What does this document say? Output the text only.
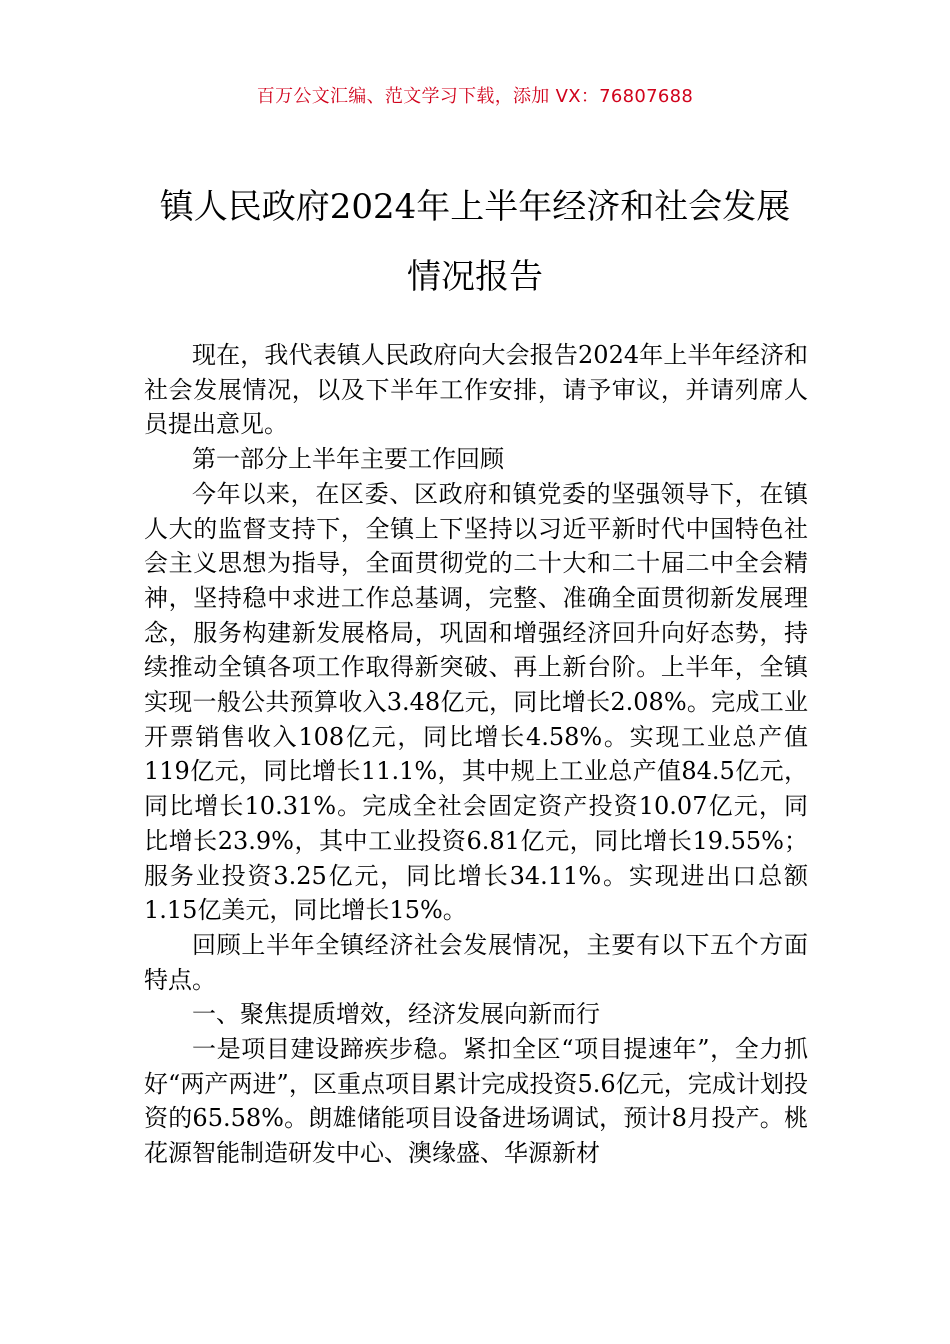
百万公文汇编、范文学习下载，添加 VX：76807688
镇人民政府2024年上半年经济和社会发展
情况报告

现在，我代表镇人民政府向大会报告2024年上半年经济和社会发展情况，以及下半年工作安排，请予审议，并请列席人员提出意见。

第一部分上半年主要工作回顾

今年以来，在区委、区政府和镇党委的坚强领导下，在镇人大的监督支持下，全镇上下坚持以习近平新时代中国特色社会主义思想为指导，全面贯彻党的二十大和二十届二中全会精神，坚持稳中求进工作总基调，完整、准确全面贯彻新发展理念，服务构建新发展格局，巩固和增强经济回升向好态势，持续推动全镇各项工作取得新突破、再上新台阶。上半年，全镇实现一般公共预算收入3.48亿元，同比增长2.08%。完成工业开票销售收入108亿元，同比增长4.58%。实现工业总产值119亿元，同比增长11.1%，其中规上工业总产值84.5亿元，同比增长10.31%。完成全社会固定资产投资10.07亿元，同比增长23.9%，其中工业投资6.81亿元，同比增长19.55%；服务业投资3.25亿元，同比增长34.11%。实现进出口总额1.15亿美元，同比增长15%。

回顾上半年全镇经济社会发展情况，主要有以下五个方面特点。

一、聚焦提质增效，经济发展向新而行

一是项目建设蹄疾步稳。紧扣全区“项目提速年”，全力抓好“两产两进”，区重点项目累计完成投资5.6亿元，完成计划投资的65.58%。朗雄储能项目设备进场调试，预计8月投产。桃花源智能制造研发中心、澳缘盛、华源新材
